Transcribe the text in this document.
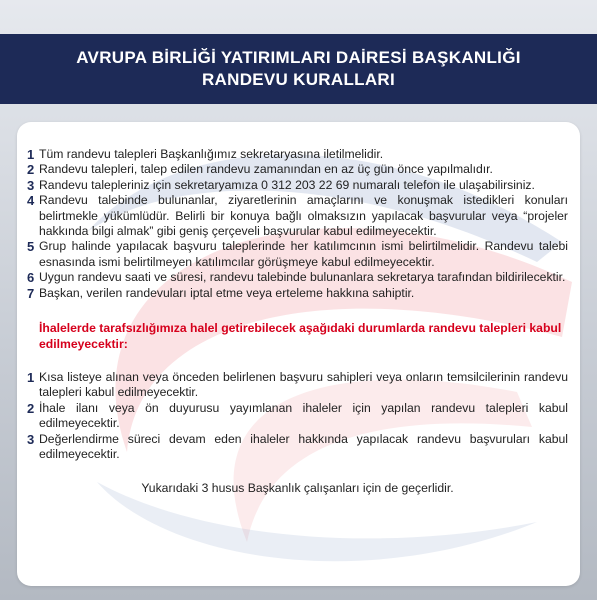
AVRUPA BİRLİĞİ YATIRIMLARI DAİRESİ BAŞKANLIĞI
RANDEVU KURALLARI
1 Tüm randevu talepleri Başkanlığımız sekretaryasına iletilmelidir.
2 Randevu talepleri, talep edilen randevu zamanından en az üç gün önce yapılmalıdır.
3 Randevu talepleriniz için sekretaryamıza 0 312 203 22 69 numaralı telefon ile ulaşabilirsiniz.
4 Randevu talebinde bulunanlar, ziyaretlerinin amaçlarını ve konuşmak istedikleri konuları belirtmekle yükümlüdür. Belirli bir konuya bağlı olmaksızın yapılacak başvurular veya “projeler hakkında bilgi almak” gibi geniş çerçeveli başvurular kabul edilmeyecektir.
5 Grup halinde yapılacak başvuru taleplerinde her katılımcının ismi belirtilmelidir. Randevu talebi esnasında ismi belirtilmeyen katılımcılar görüşmeye kabul edilmeyecektir.
6 Uygun randevu saati ve süresi, randevu talebinde bulunanlara sekretarya tarafından bildirilecektir.
7 Başkan, verilen randevuları iptal etme veya erteleme hakkına sahiptir.
İhalelerde tarafsızlığımıza halel getirebilecek aşağıdaki durumlarda randevu talepleri kabul edilmeyecektir:
1 Kısa listeye alınan veya önceden belirlenen başvuru sahipleri veya onların temsilcilerinin randevu talepleri kabul edilmeyecektir.
2 İhale ilanı veya ön duyurusu yayımlanan ihaleler için yapılan randevu talepleri kabul edilmeyecektir.
3 Değerlendirme süreci devam eden ihaleler hakkında yapılacak randevu başvuruları kabul edilmeyecektir.
Yukarıdaki 3 husus Başkanlık çalışanları için de geçerlidir.
